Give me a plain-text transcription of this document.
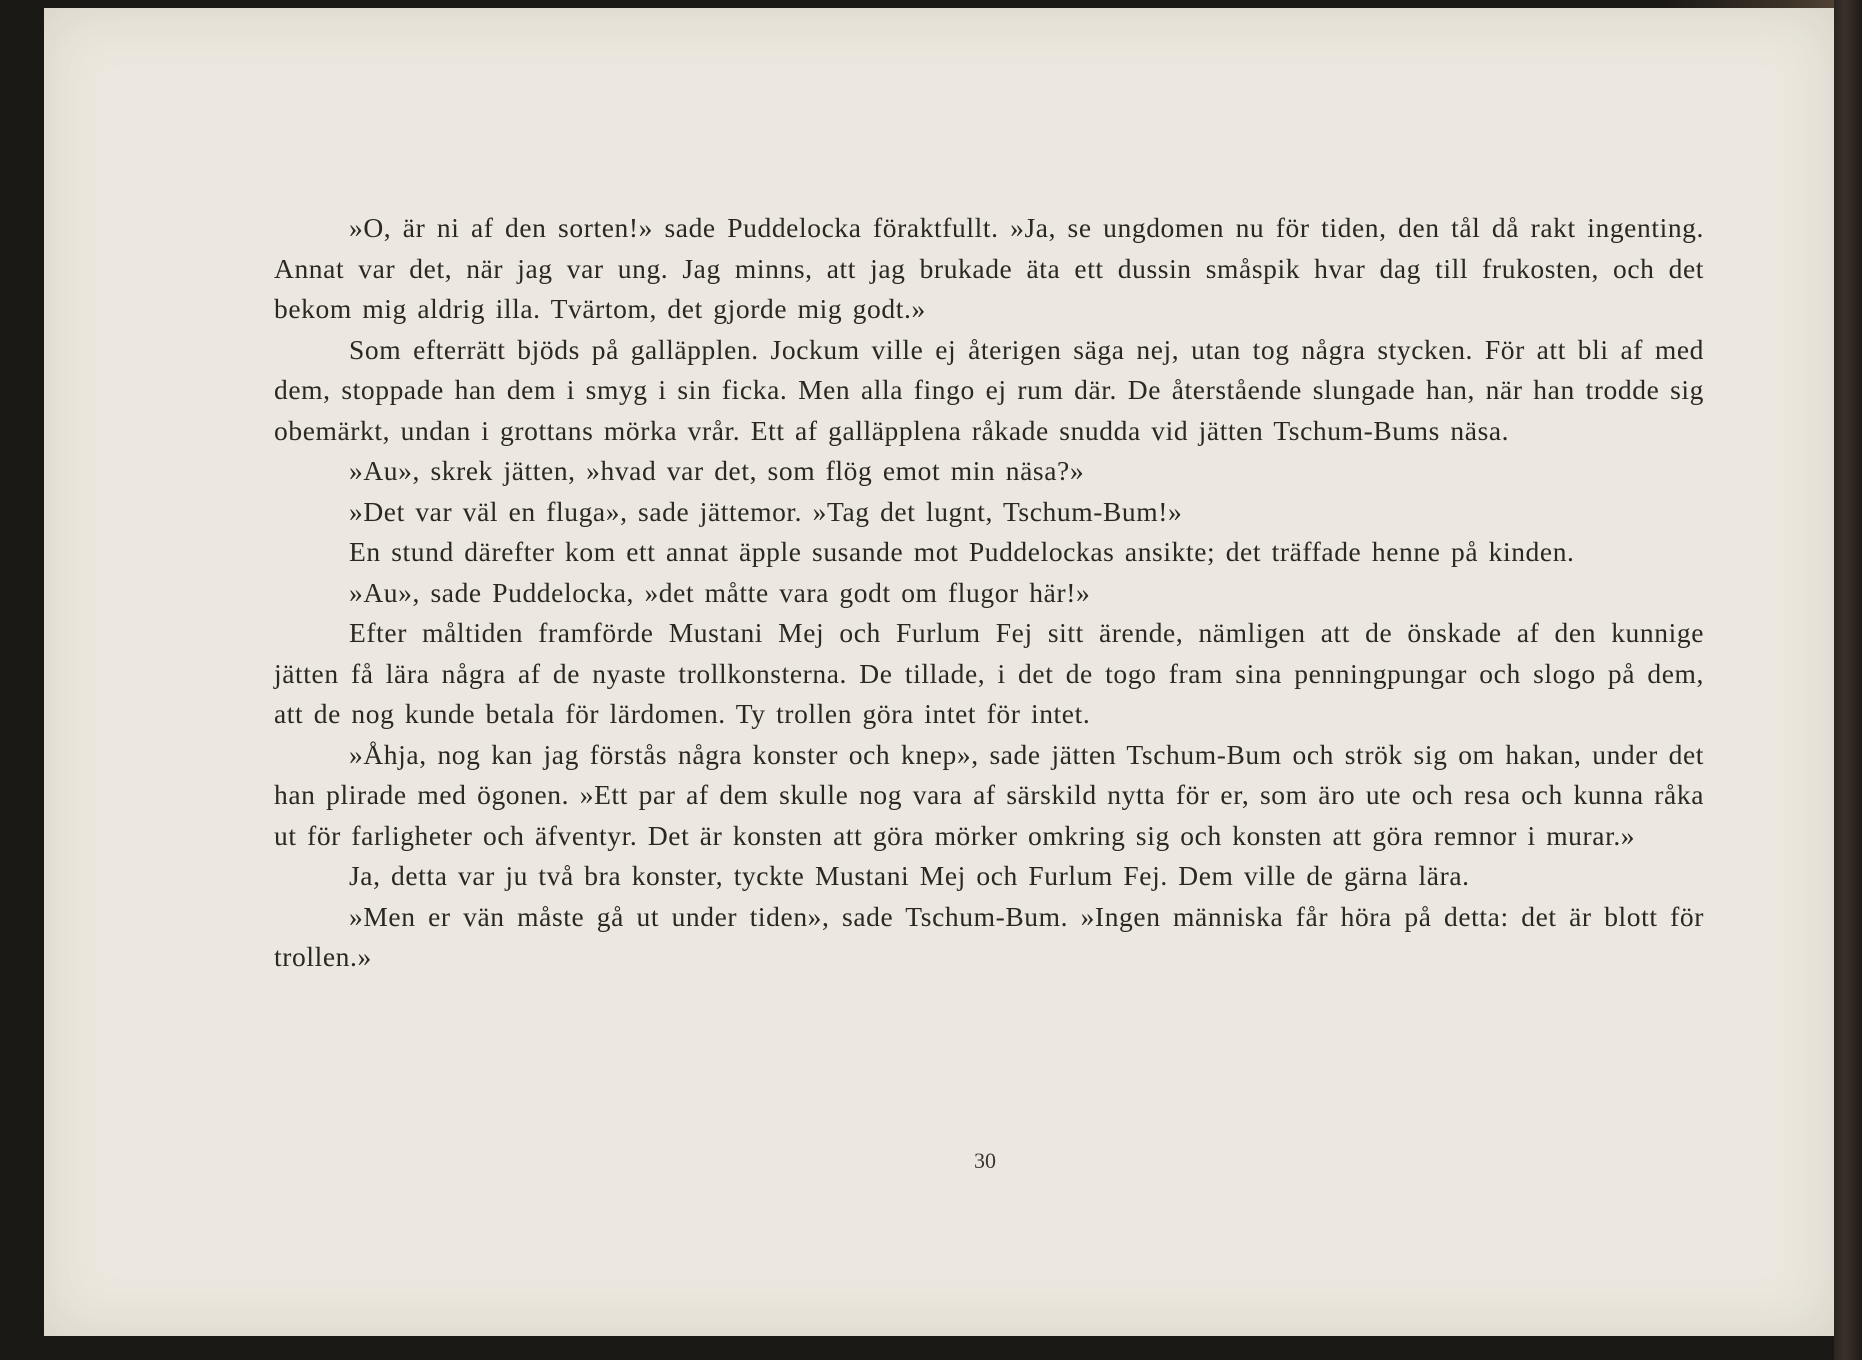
»O, är ni af den sorten!» sade Puddelocka föraktfullt. »Ja, se ungdomen nu för tiden, den tål då rakt ingenting. Annat var det, när jag var ung. Jag minns, att jag brukade äta ett dussin småspik hvar dag till frukosten, och det bekom mig aldrig illa. Tvärtom, det gjorde mig godt.»

Som efterrätt bjöds på galläpplen. Jockum ville ej återigen säga nej, utan tog några stycken. För att bli af med dem, stoppade han dem i smyg i sin ficka. Men alla fingo ej rum där. De återstående slungade han, när han trodde sig obemärkt, undan i grottans mörka vrår. Ett af galläpplena råkade snudda vid jätten Tschum-Bums näsa.

»Au», skrek jätten, »hvad var det, som flög emot min näsa?»

»Det var väl en fluga», sade jättemor. »Tag det lugnt, Tschum-Bum!»

En stund därefter kom ett annat äpple susande mot Puddelockas ansikte; det träffade henne på kinden.

»Au», sade Puddelocka, »det måtte vara godt om flugor här!»

Efter måltiden framförde Mustani Mej och Furlum Fej sitt ärende, nämligen att de önskade af den kunnige jätten få lära några af de nyaste trollkonsterna. De tillade, i det de togo fram sina penningpungar och slogo på dem, att de nog kunde betala för lärdomen. Ty trollen göra intet för intet.

»Åhja, nog kan jag förstås några konster och knep», sade jätten Tschum-Bum och strök sig om hakan, under det han plirade med ögonen. »Ett par af dem skulle nog vara af särskild nytta för er, som äro ute och resa och kunna råka ut för farligheter och äfventyr. Det är konsten att göra mörker omkring sig och konsten att göra remnor i murar.»

Ja, detta var ju två bra konster, tyckte Mustani Mej och Furlum Fej. Dem ville de gärna lära.

»Men er vän måste gå ut under tiden», sade Tschum-Bum. »Ingen människa får höra på detta: det är blott för trollen.»

30
